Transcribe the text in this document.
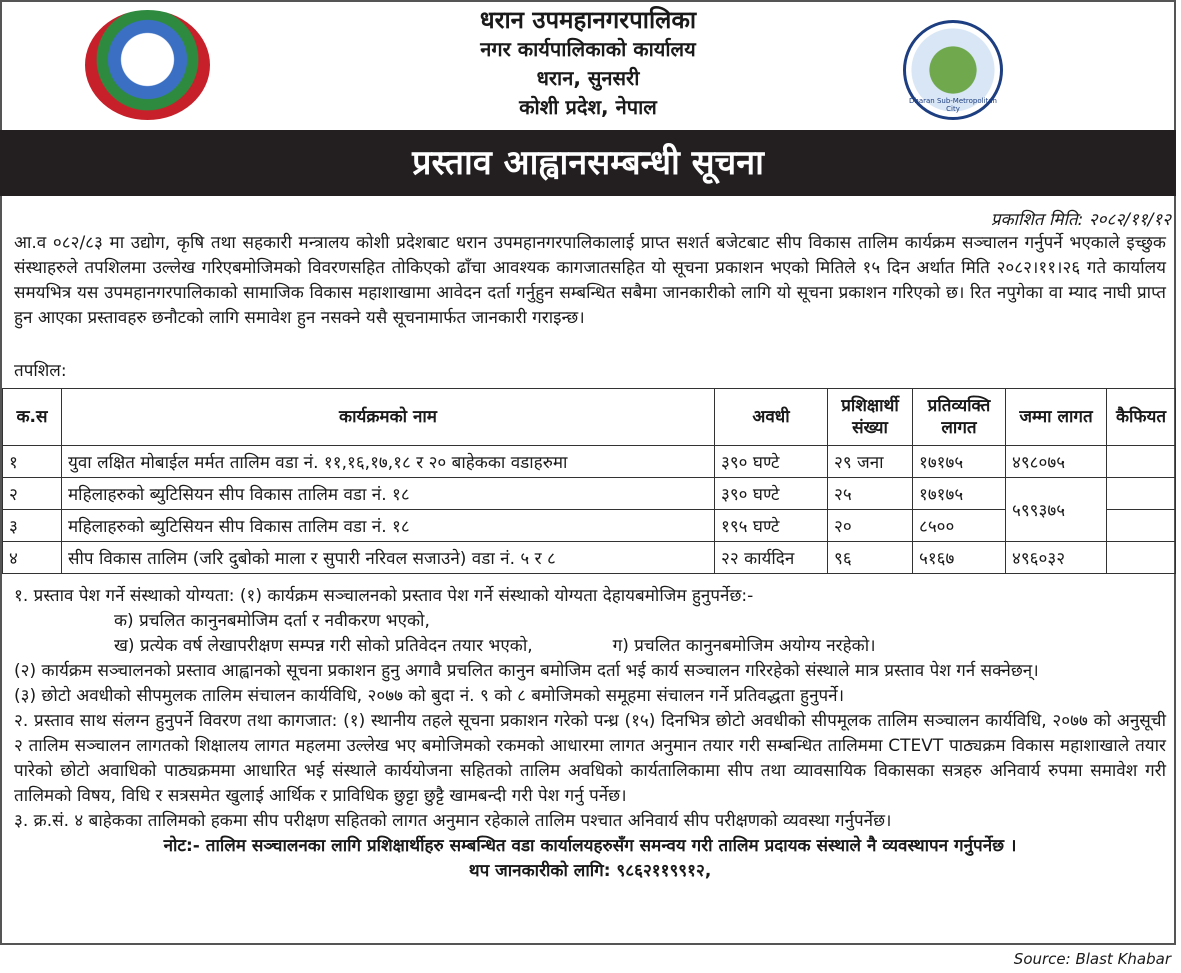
धरान उपमहानगरपालिका
नगर कार्यपालिकाको कार्यालय
धरान, सुनसरी
कोशी प्रदेश, नेपाल	Dharan Sub-Metropolitan City
प्रस्ताव आह्वानसम्बन्धी सूचना
प्रकाशित मिति: २०८२/११/१२
आ.व ०८२/८३ मा उद्योग, कृषि तथा सहकारी मन्त्रालय कोशी प्रदेशबाट धरान उपमहानगरपालिकालाई प्राप्त सशर्त बजेटबाट सीप विकास तालिम कार्यक्रम सञ्चालन गर्नुपर्ने भएकाले इच्छुक संस्थाहरुले तपशिलमा उल्लेख गरिएबमोजिमको विवरणसहित तोकिएको ढाँचा आवश्यक कागजातसहित यो सूचना प्रकाशन भएको मितिले १५ दिन अर्थात मिति २०८२।११।२६ गते कार्यालय समयभित्र यस उपमहानगरपालिकाको सामाजिक विकास महाशाखामा आवेदन दर्ता गर्नुहुन सम्बन्धित सबैमा जानकारीको लागि यो सूचना प्रकाशन गरिएको छ। रित नपुगेका वा म्याद नाघी प्राप्त हुन आएका प्रस्तावहरु छनौटको लागि समावेश हुन नसक्ने यसै सूचनामार्फत जानकारी गराइन्छ।
तपशिल:
क.स	कार्यक्रमको नाम	अवधी	प्रशिक्षार्थी संख्या	प्रतिव्यक्ति लागत	जम्मा लागत	कैफियत
१	युवा लक्षित मोबाईल मर्मत तालिम वडा नं. ११,१६,१७,१८ र २० बाहेकका वडाहरुमा	३९० घण्टे	२९ जना	१७१७५	४९८०७५	
२	महिलाहरुको ब्युटिसियन सीप विकास तालिम वडा नं. १८	३९० घण्टे	२५	१७१७५	५९९३७५	
३	महिलाहरुको ब्युटिसियन सीप विकास तालिम वडा नं. १८	१९५ घण्टे	२०	८५००		
४	सीप विकास तालिम (जरि दुबोको माला र सुपारी नरिवल सजाउने) वडा नं. ५ र ८	२२ कार्यदिन	९६	५१६७	४९६०३२	
१. प्रस्ताव पेश गर्ने संस्थाको योग्यता: (१) कार्यक्रम सञ्चालनको प्रस्ताव पेश गर्ने संस्थाको योग्यता देहायबमोजिम हुनुपर्नेछ:-
क) प्रचलित कानुनबमोजिम दर्ता र नवीकरण भएको,
ख) प्रत्येक वर्ष लेखापरीक्षण सम्पन्न गरी सोको प्रतिवेदन तयार भएको,	ग) प्रचलित कानुनबमोजिम अयोग्य नरहेको।
(२) कार्यक्रम सञ्चालनको प्रस्ताव आह्वानको सूचना प्रकाशन हुनु अगावै प्रचलित कानुन बमोजिम दर्ता भई कार्य सञ्चालन गरिरहेको संस्थाले मात्र प्रस्ताव पेश गर्न सक्नेछन्।
(३) छोटो अवधीको सीपमुलक तालिम संचालन कार्यविधि, २०७७ को बुदा नं. ९ को ८ बमोजिमको समूहमा संचालन गर्ने प्रतिवद्धता हुनुपर्ने।
२. प्रस्ताव साथ संलग्न हुनुपर्ने विवरण तथा कागजात: (१) स्थानीय तहले सूचना प्रकाशन गरेको पन्ध्र (१५) दिनभित्र छोटो अवधीको सीपमूलक तालिम सञ्चालन कार्यविधि, २०७७ को अनुसूची २ तालिम सञ्चालन लागतको शिक्षालय लागत महलमा उल्लेख भए बमोजिमको रकमको आधारमा लागत अनुमान तयार गरी सम्बन्धित तालिममा CTEVT पाठ्यक्रम विकास महाशाखाले तयार पारेको छोटो अवाधिको पाठ्यक्रममा आधारित भई संस्थाले कार्ययोजना सहितको तालिम अवधिको कार्यतालिकामा सीप तथा व्यावसायिक विकासका सत्रहरु अनिवार्य रुपमा समावेश गरी तालिमको विषय, विधि र सत्रसमेत खुलाई आर्थिक र प्राविधिक छुट्टा छुट्टै खामबन्दी गरी पेश गर्नु पर्नेछ।
३. क्र.सं. ४ बाहेकका तालिमको हकमा सीप परीक्षण सहितको लागत अनुमान रहेकाले तालिम पश्चात अनिवार्य सीप परीक्षणको व्यवस्था गर्नुपर्नेछ।
नोट:- तालिम सञ्चालनका लागि प्रशिक्षार्थीहरु सम्बन्धित वडा कार्यालयहरुसँग समन्वय गरी तालिम प्रदायक संस्थाले नै व्यवस्थापन गर्नुपर्नेछ ।
थप जानकारीको लागि: ९८६२११९९१२,
Source: Blast Khabar
